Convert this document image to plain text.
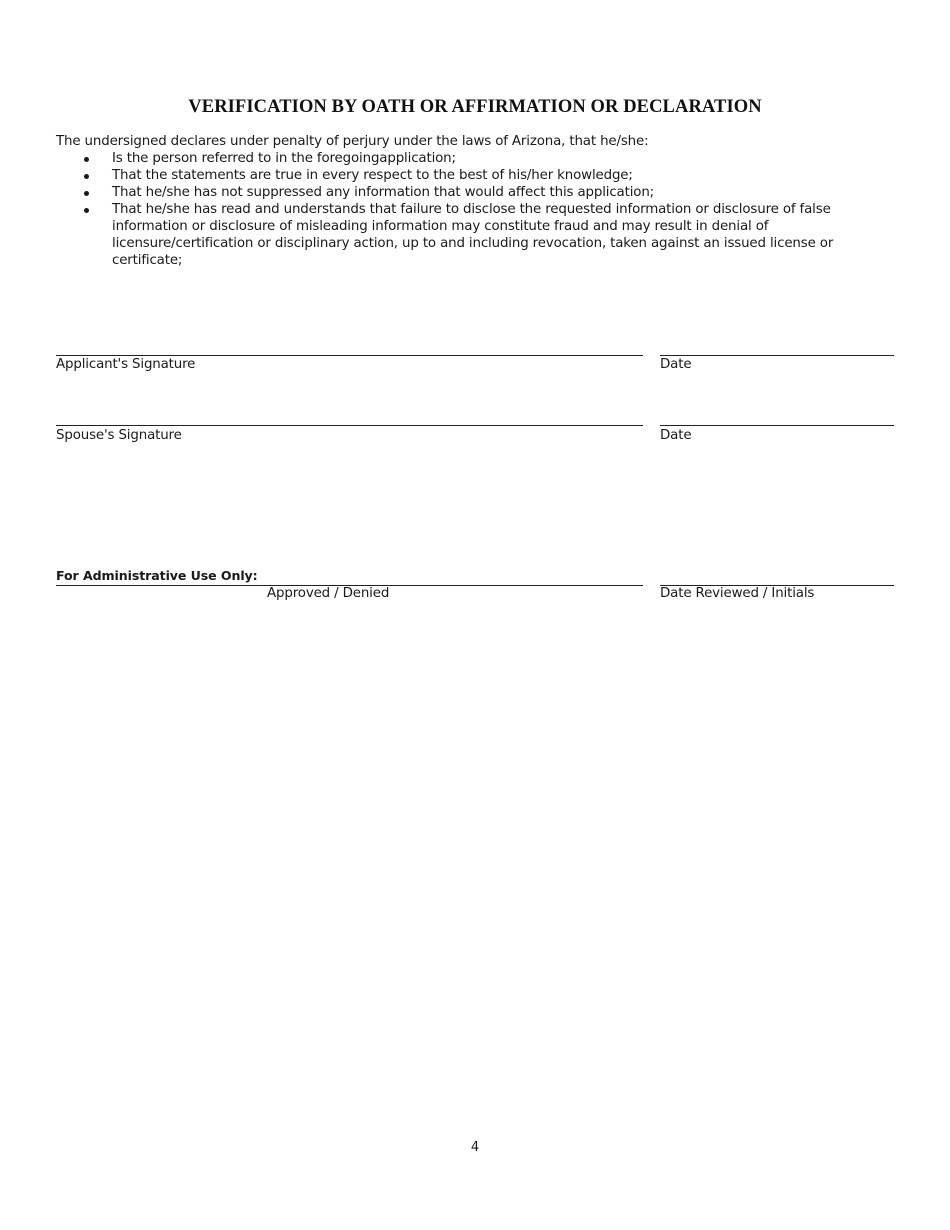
VERIFICATION BY OATH OR AFFIRMATION OR DECLARATION
The undersigned declares under penalty of perjury under the laws of Arizona, that he/she:
Is the person referred to in the foregoingapplication;
That the statements are true in every respect to the best of his/her knowledge;
That he/she has not suppressed any information that would affect this application;
That he/she has read and understands that failure to disclose the requested information or disclosure of false information or disclosure of misleading information may constitute fraud and may result in denial of licensure/certification or disciplinary action, up to and including revocation, taken against an issued license or certificate;
Applicant's Signature	Date
Spouse's Signature	Date
For Administrative Use Only:
Approved / Denied	Date Reviewed / Initials
4
